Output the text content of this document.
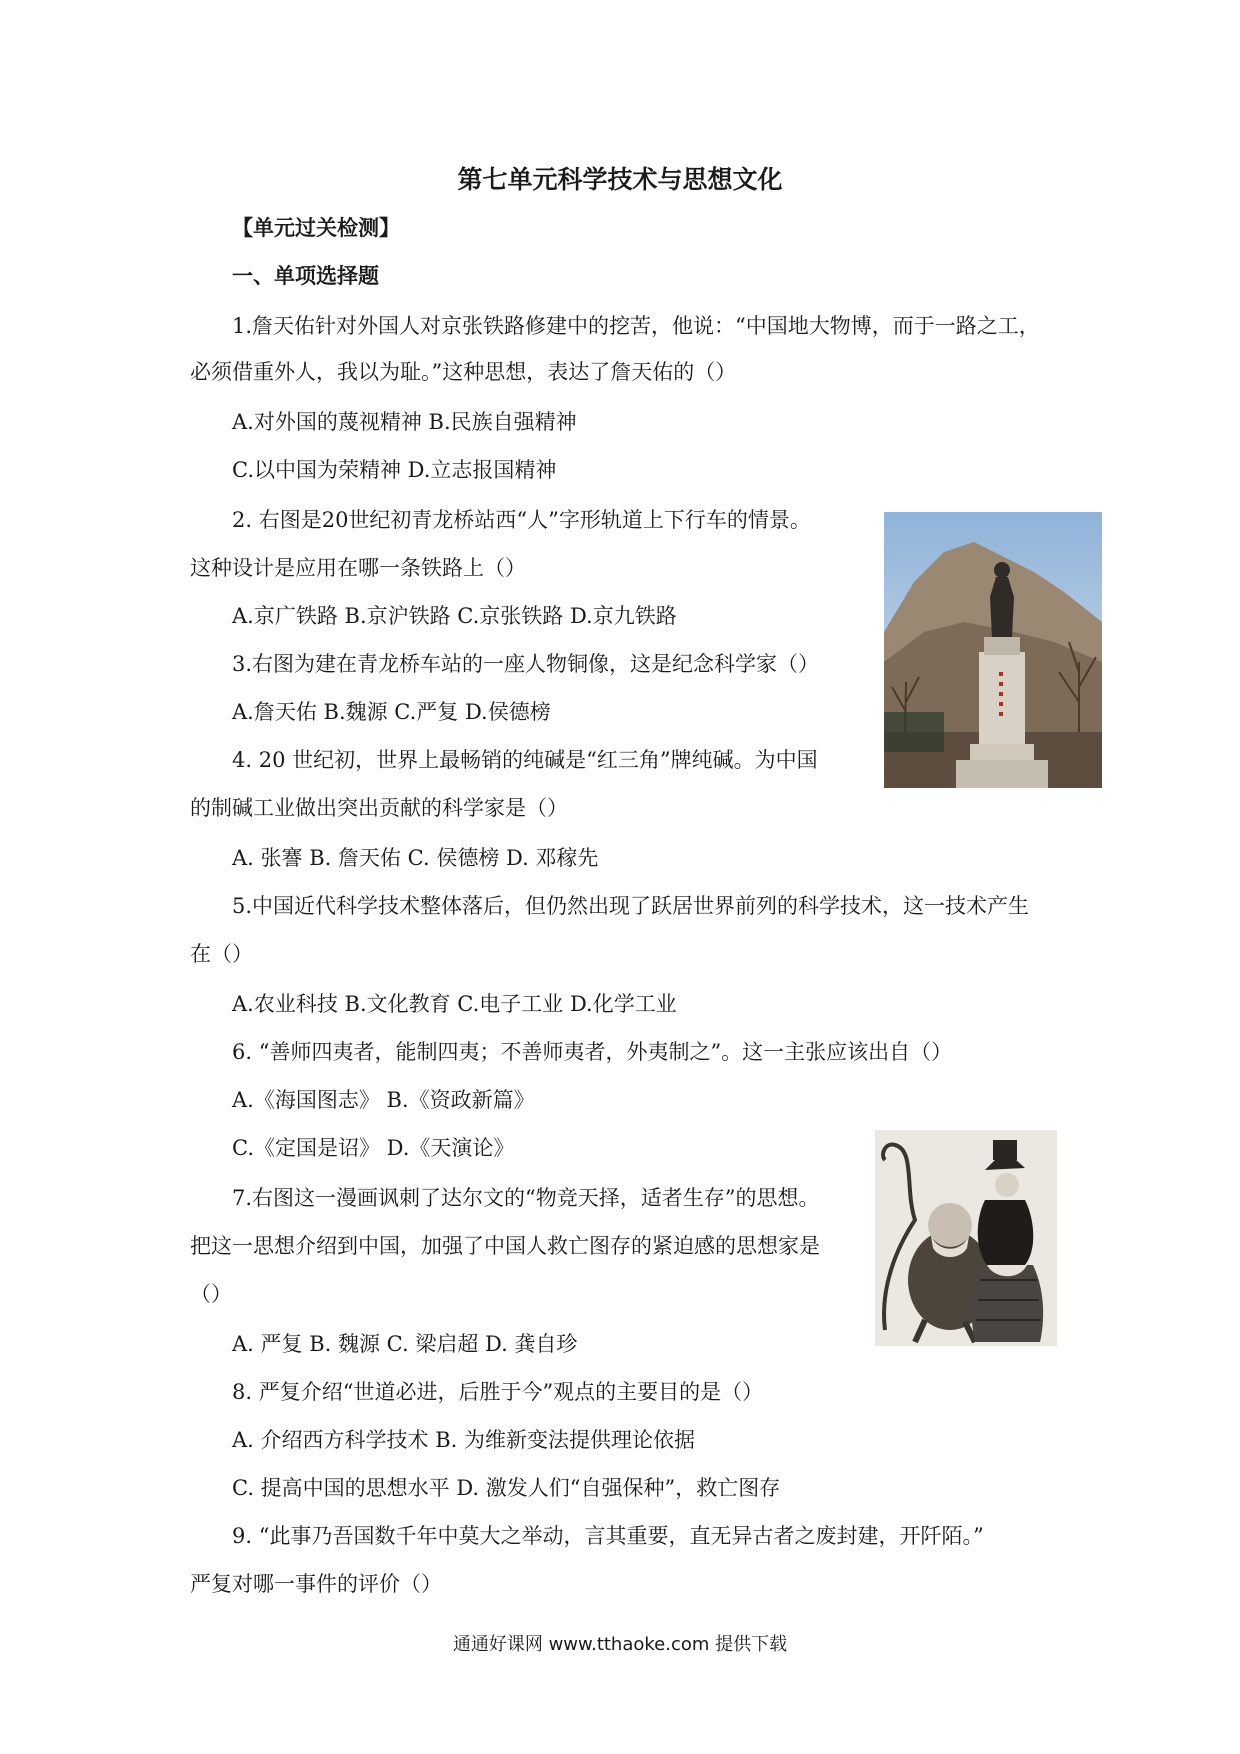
第七单元科学技术与思想文化
【单元过关检测】
一、单项选择题
1.詹天佑针对外国人对京张铁路修建中的挖苦，他说：“中国地大物博，而于一路之工，
必须借重外人，我以为耻。”这种思想，表达了詹天佑的（）
A.对外国的蔑视精神 B.民族自强精神
C.以中国为荣精神 D.立志报国精神
2. 右图是20世纪初青龙桥站西“人”字形轨道上下行车的情景。
这种设计是应用在哪一条铁路上（）
A.京广铁路 B.京沪铁路 C.京张铁路 D.京九铁路
3.右图为建在青龙桥车站的一座人物铜像，这是纪念科学家（）
A.詹天佑 B.魏源 C.严复 D.侯德榜
4. 20 世纪初，世界上最畅销的纯碱是“红三角”牌纯碱。为中国
的制碱工业做出突出贡献的科学家是（）
A. 张謇 B. 詹天佑 C. 侯德榜 D. 邓稼先
5.中国近代科学技术整体落后，但仍然出现了跃居世界前列的科学技术，这一技术产生
在（）
A.农业科技 B.文化教育 C.电子工业 D.化学工业
6. “善师四夷者，能制四夷；不善师夷者，外夷制之”。这一主张应该出自（）
A.《海国图志》 B.《资政新篇》
C.《定国是诏》 D.《天演论》
7.右图这一漫画讽刺了达尔文的“物竞天择，适者生存”的思想。
把这一思想介绍到中国，加强了中国人救亡图存的紧迫感的思想家是
（）
A. 严复 B. 魏源 C. 梁启超 D. 龚自珍
8. 严复介绍“世道必进，后胜于今”观点的主要目的是（）
A. 介绍西方科学技术 B. 为维新变法提供理论依据
C. 提高中国的思想水平 D. 激发人们“自强保种”，救亡图存
9. “此事乃吾国数千年中莫大之举动，言其重要，直无异古者之废封建，开阡陌。”
严复对哪一事件的评价（）
通通好课网 www.tthaoke.com 提供下载
